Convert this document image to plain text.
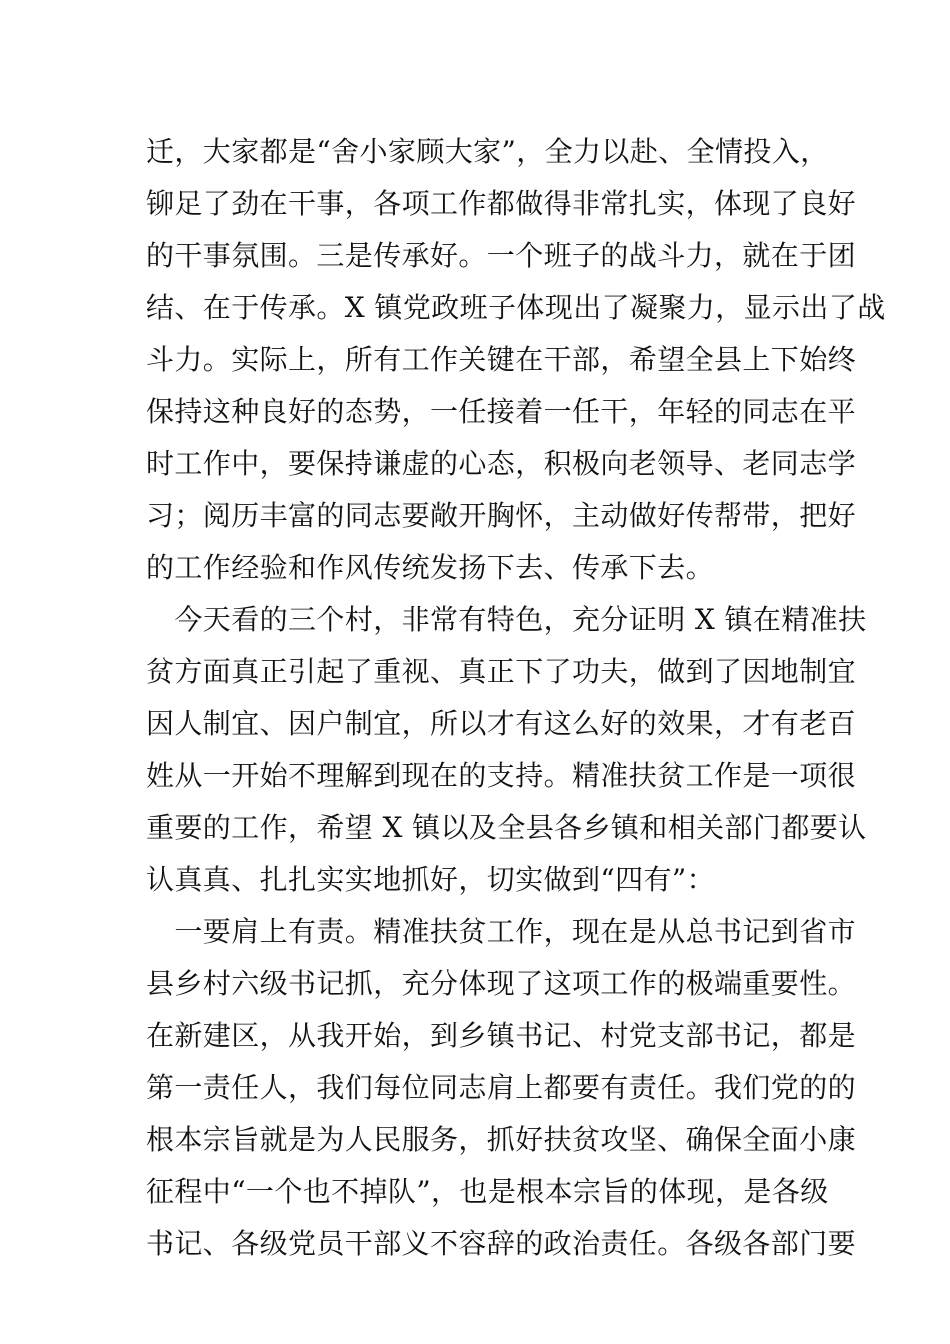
迁，大家都是“舍小家顾大家”，全力以赴、全情投入，
铆足了劲在干事，各项工作都做得非常扎实，体现了良好
的干事氛围。三是传承好。一个班子的战斗力，就在于团
结、在于传承。X 镇党政班子体现出了凝聚力，显示出了战
斗力。实际上，所有工作关键在干部，希望全县上下始终
保持这种良好的态势，一任接着一任干，年轻的同志在平
时工作中，要保持谦虚的心态，积极向老领导、老同志学
习；阅历丰富的同志要敞开胸怀，主动做好传帮带，把好
的工作经验和作风传统发扬下去、传承下去。
　今天看的三个村，非常有特色，充分证明 X 镇在精准扶
贫方面真正引起了重视、真正下了功夫，做到了因地制宜
因人制宜、因户制宜，所以才有这么好的效果，才有老百
姓从一开始不理解到现在的支持。精准扶贫工作是一项很
重要的工作，希望 X 镇以及全县各乡镇和相关部门都要认
认真真、扎扎实实地抓好，切实做到“四有”：
　一要肩上有责。精准扶贫工作，现在是从总书记到省市
县乡村六级书记抓，充分体现了这项工作的极端重要性。
在新建区，从我开始，到乡镇书记、村党支部书记，都是
第一责任人，我们每位同志肩上都要有责任。我们党的的
根本宗旨就是为人民服务，抓好扶贫攻坚、确保全面小康
征程中“一个也不掉队”，也是根本宗旨的体现，是各级
书记、各级党员干部义不容辞的政治责任。各级各部门要
